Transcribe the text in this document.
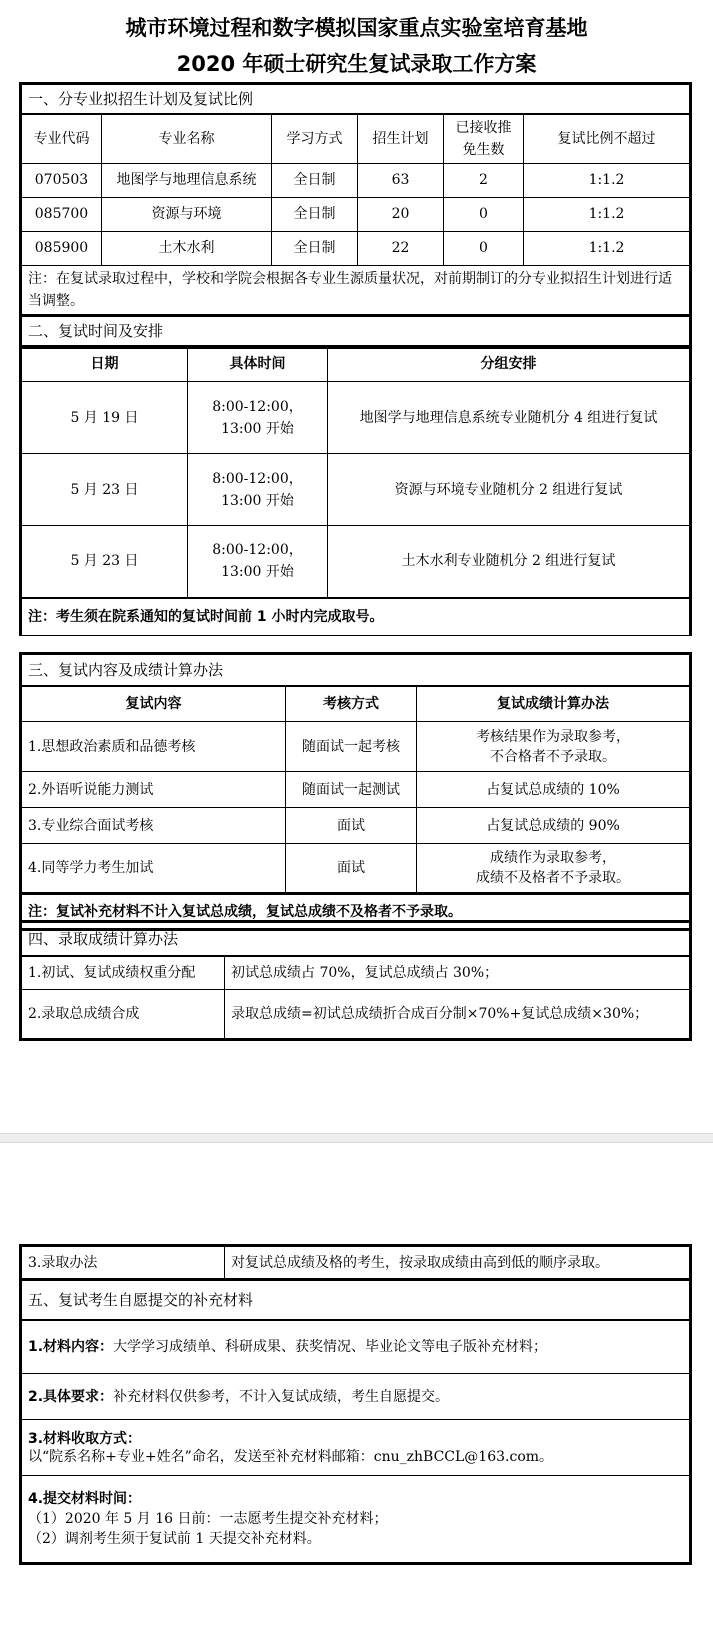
城市环境过程和数字模拟国家重点实验室培育基地
2020 年硕士研究生复试录取工作方案
一、分专业拟招生计划及复试比例					
专业代码	专业名称	学习方式	招生计划	已接收推免生数	复试比例不超过
070503	地图学与地理信息系统	全日制	63	2	1:1.2
085700	资源与环境	全日制	20	0	1:1.2
085900	土木水利	全日制	22	0	1:1.2
注：在复试录取过程中，学校和学院会根据各专业生源质量状况，对前期制订的分专业拟招生计划进行适当调整。					
二、复试时间及安排					
日期	具体时间	分组安排
5 月 19 日	8:00-12:00，
13:00 开始	地图学与地理信息系统专业随机分 4 组进行复试
5 月 23 日	8:00-12:00，
13:00 开始	资源与环境专业随机分 2 组进行复试
5 月 23 日	8:00-12:00，
13:00 开始	土木水利专业随机分 2 组进行复试
注：考生须在院系通知的复试时间前 1 小时内完成取号。		
三、复试内容及成绩计算办法		
复试内容	考核方式	复试成绩计算办法
1.思想政治素质和品德考核	随面试一起考核	考核结果作为录取参考，
不合格者不予录取。

2.外语听说能力测试	随面试一起测试	占复试总成绩的 10%
3.专业综合面试考核	面试	占复试总成绩的 90%
4.同等学力考生加试	面试	成绩作为录取参考，
成绩不及格者不予录取。

注：复试补充材料不计入复试总成绩，复试总成绩不及格者不予录取。		
四、录取成绩计算办法	
1.初试、复试成绩权重分配	初试总成绩占 70%，复试总成绩占 30%；
2.录取总成绩合成	录取总成绩=初试总成绩折合成百分制×70%+复试总成绩×30%；
3.录取办法	对复试总成绩及格的考生，按录取成绩由高到低的顺序录取。
五、复试考生自愿提交的补充材料
1.材料内容：大学学习成绩单、科研成果、获奖情况、毕业论文等电子版补充材料；
2.具体要求：补充材料仅供参考，不计入复试成绩，考生自愿提交。

3.材料收取方式：
以“院系名称+专业+姓名”命名，发送至补充材料邮箱：cnu_zhBCCL@163.com。

4.提交材料时间：
（1）2020 年 5 月 16 日前：一志愿考生提交补充材料；
（2）调剂考生须于复试前 1 天提交补充材料。
